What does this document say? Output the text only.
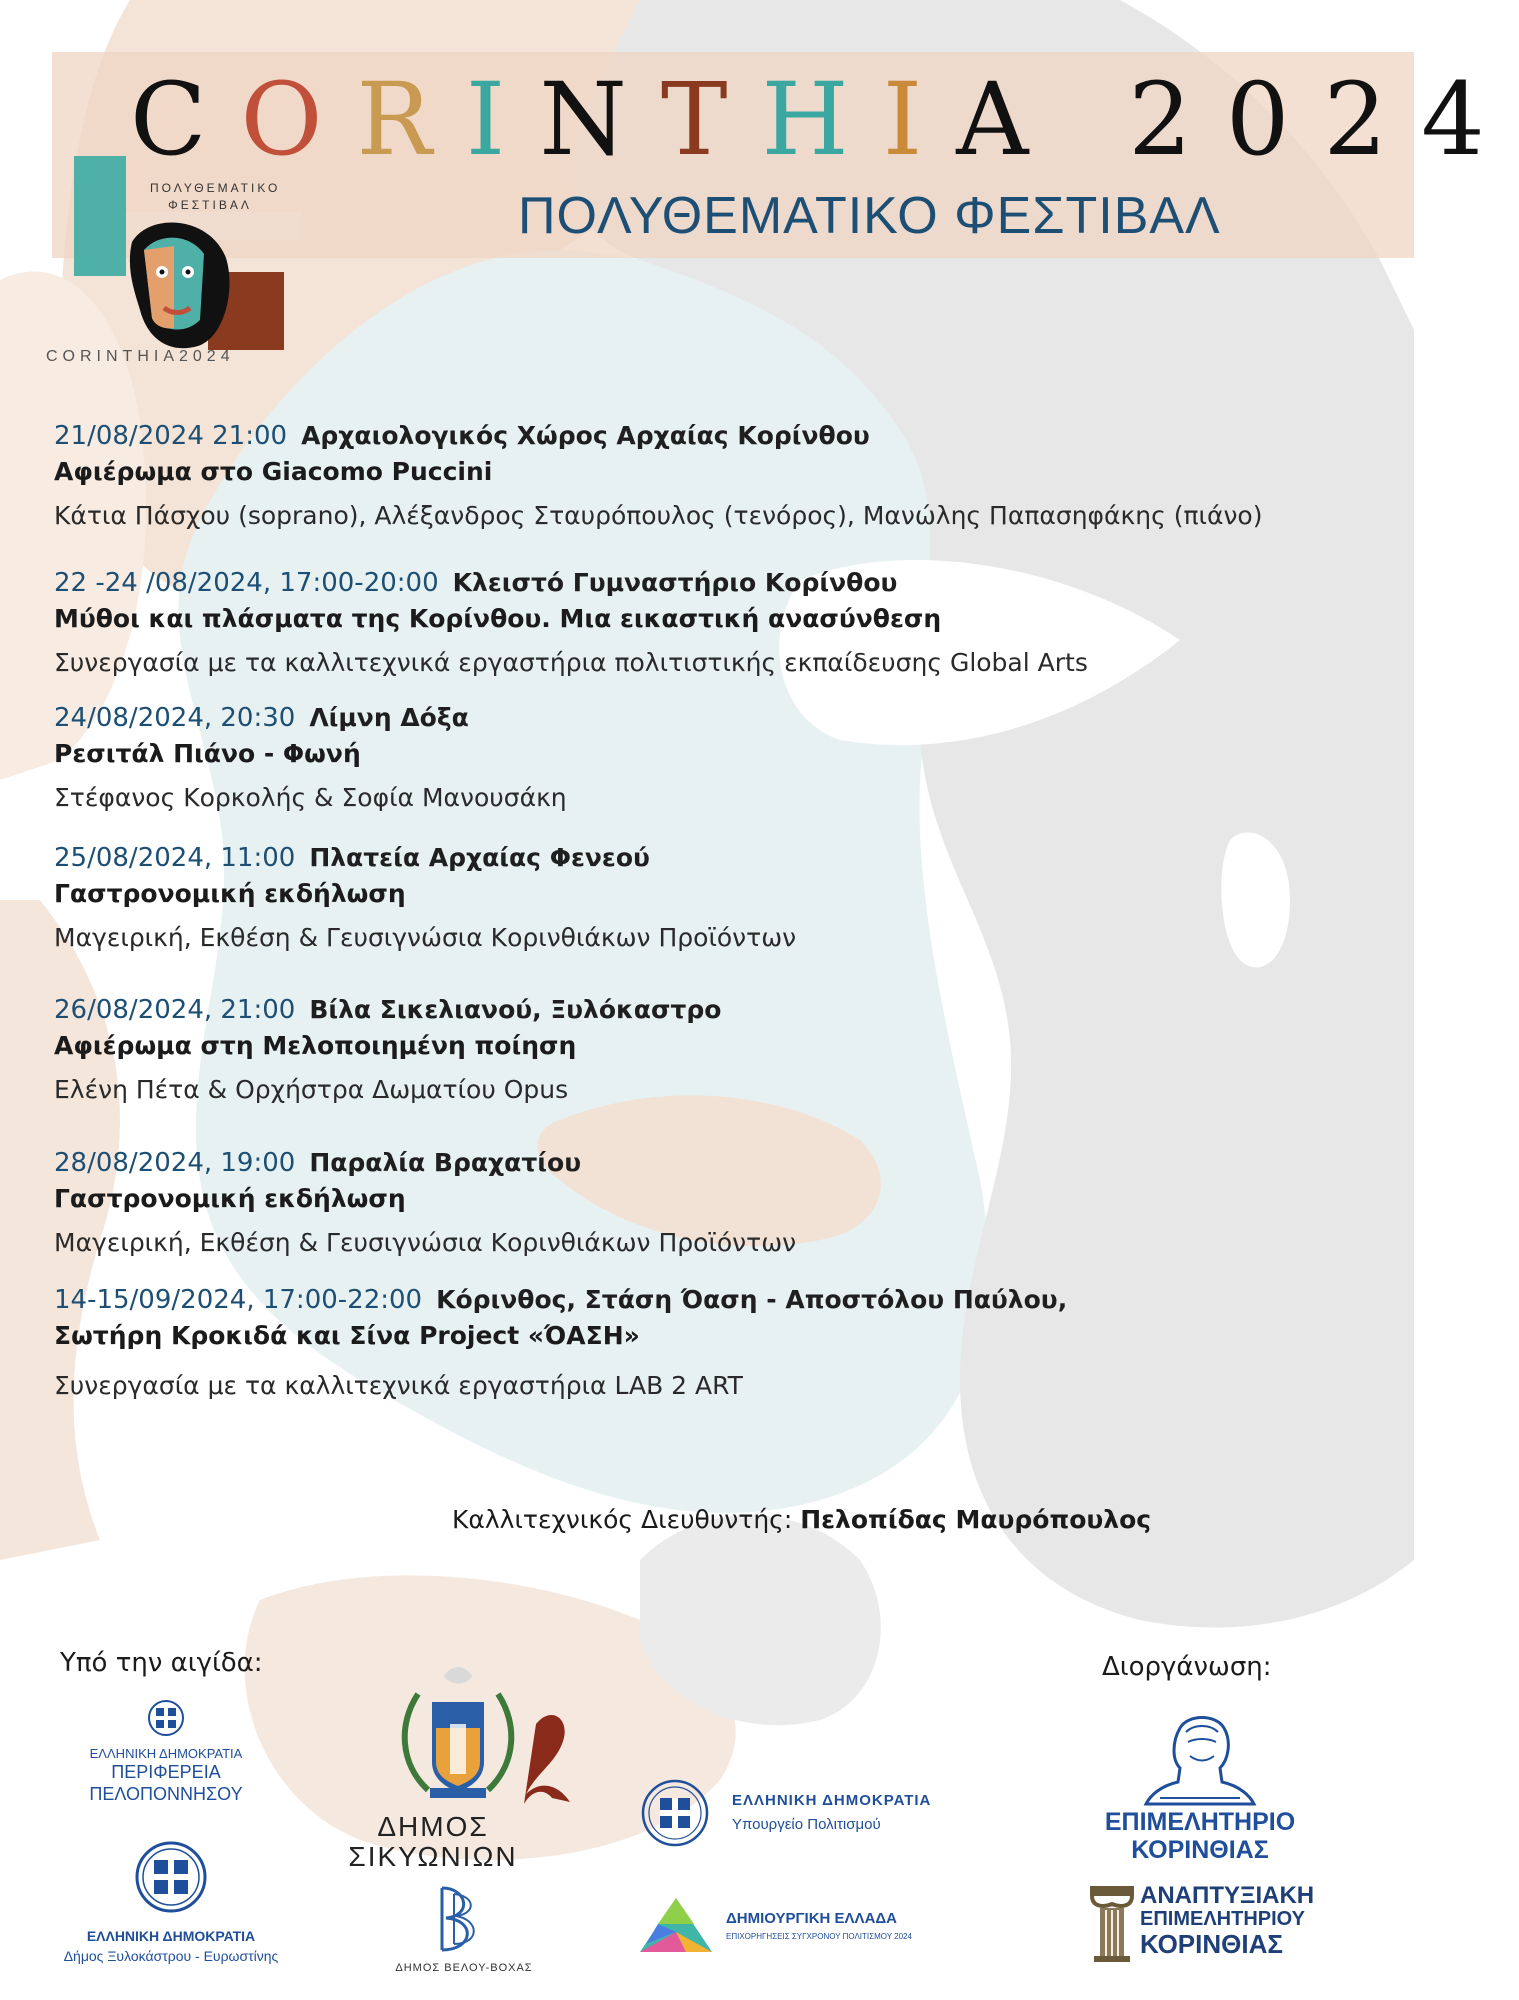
CORINTHIA 2024
ΠΟΛΥΘΕΜΑΤΙΚΟ ΦΕΣΤΙΒΑΛ
ΠΟΛΥΘΕΜΑΤΙΚΟ
ΦΕΣΤΙΒΑΛ
CORINTHIA2024
21/08/2024 21:00 Αρχαιολογικός Χώρος Αρχαίας Κορίνθου
Αφιέρωμα στο Giacomo Puccini
Κάτια Πάσχου (soprano), Αλέξανδρος Σταυρόπουλος (τενόρος), Μανώλης Παπασηφάκης (πιάνο)
22 -24 /08/2024, 17:00-20:00 Κλειστό Γυμναστήριο Κορίνθου
Μύθοι και πλάσματα της Κορίνθου. Μια εικαστική ανασύνθεση
Συνεργασία με τα καλλιτεχνικά εργαστήρια πολιτιστικής εκπαίδευσης Global Arts
24/08/2024, 20:30 Λίμνη Δόξα
Ρεσιτάλ Πιάνο - Φωνή
Στέφανος Κορκολής & Σοφία Μανουσάκη
25/08/2024, 11:00 Πλατεία Αρχαίας Φενεού
Γαστρονομική εκδήλωση
Μαγειρική, Εκθέση & Γευσιγνώσια Κορινθιάκων Προϊόντων
26/08/2024, 21:00 Βίλα Σικελιανού, Ξυλόκαστρο
Αφιέρωμα στη Μελοποιημένη ποίηση
Ελένη Πέτα & Ορχήστρα Δωματίου Opus
28/08/2024, 19:00 Παραλία Βραχατίου
Γαστρονομική εκδήλωση
Μαγειρική, Εκθέση & Γευσιγνώσια Κορινθιάκων Προϊόντων
14-15/09/2024, 17:00-22:00 Κόρινθος, Στάση Όαση - Αποστόλου Παύλου,
Σωτήρη Κροκιδά και Σίνα Project «ΌΑΣΗ»
Συνεργασία με τα καλλιτεχνικά εργαστήρια LAB 2 ART
Καλλιτεχνικός Διευθυντής: Πελοπίδας Μαυρόπουλος
Υπό την αιγίδα:	Διοργάνωση:
ΕΛΛΗΝΙΚΗ ΔΗΜΟΚΡΑΤΙΑ
ΠΕΡΙΦΕΡΕΙΑ
ΠΕΛΟΠΟΝΝΗΣΟΥ
ΕΛΛΗΝΙΚΗ ΔΗΜΟΚΡΑΤΙΑ
Δήμος Ξυλοκάστρου - Ευρωστίνης
ΔΗΜΟΣ
ΣΙΚΥΩΝΙΩΝ
ΔΗΜΟΣ ΒΕΛΟΥ-ΒΟΧΑΣ
ΕΛΛΗΝΙΚΗ ΔΗΜΟΚΡΑΤΙΑ
Υπουργείο Πολιτισμού
ΔΗΜΙΟΥΡΓΙΚΗ ΕΛΛΑΔΑ
ΕΠΙΧΟΡΗΓΗΣΕΙΣ ΣΥΓΧΡΟΝΟΥ ΠΟΛΙΤΙΣΜΟΥ 2024
ΕΠΙΜΕΛΗΤΗΡΙΟ
ΚΟΡΙΝΘΙΑΣ
ΑΝΑΠΤΥΞΙΑΚΗ
ΕΠΙΜΕΛΗΤΗΡΙΟΥ
ΚΟΡΙΝΘΙΑΣ
